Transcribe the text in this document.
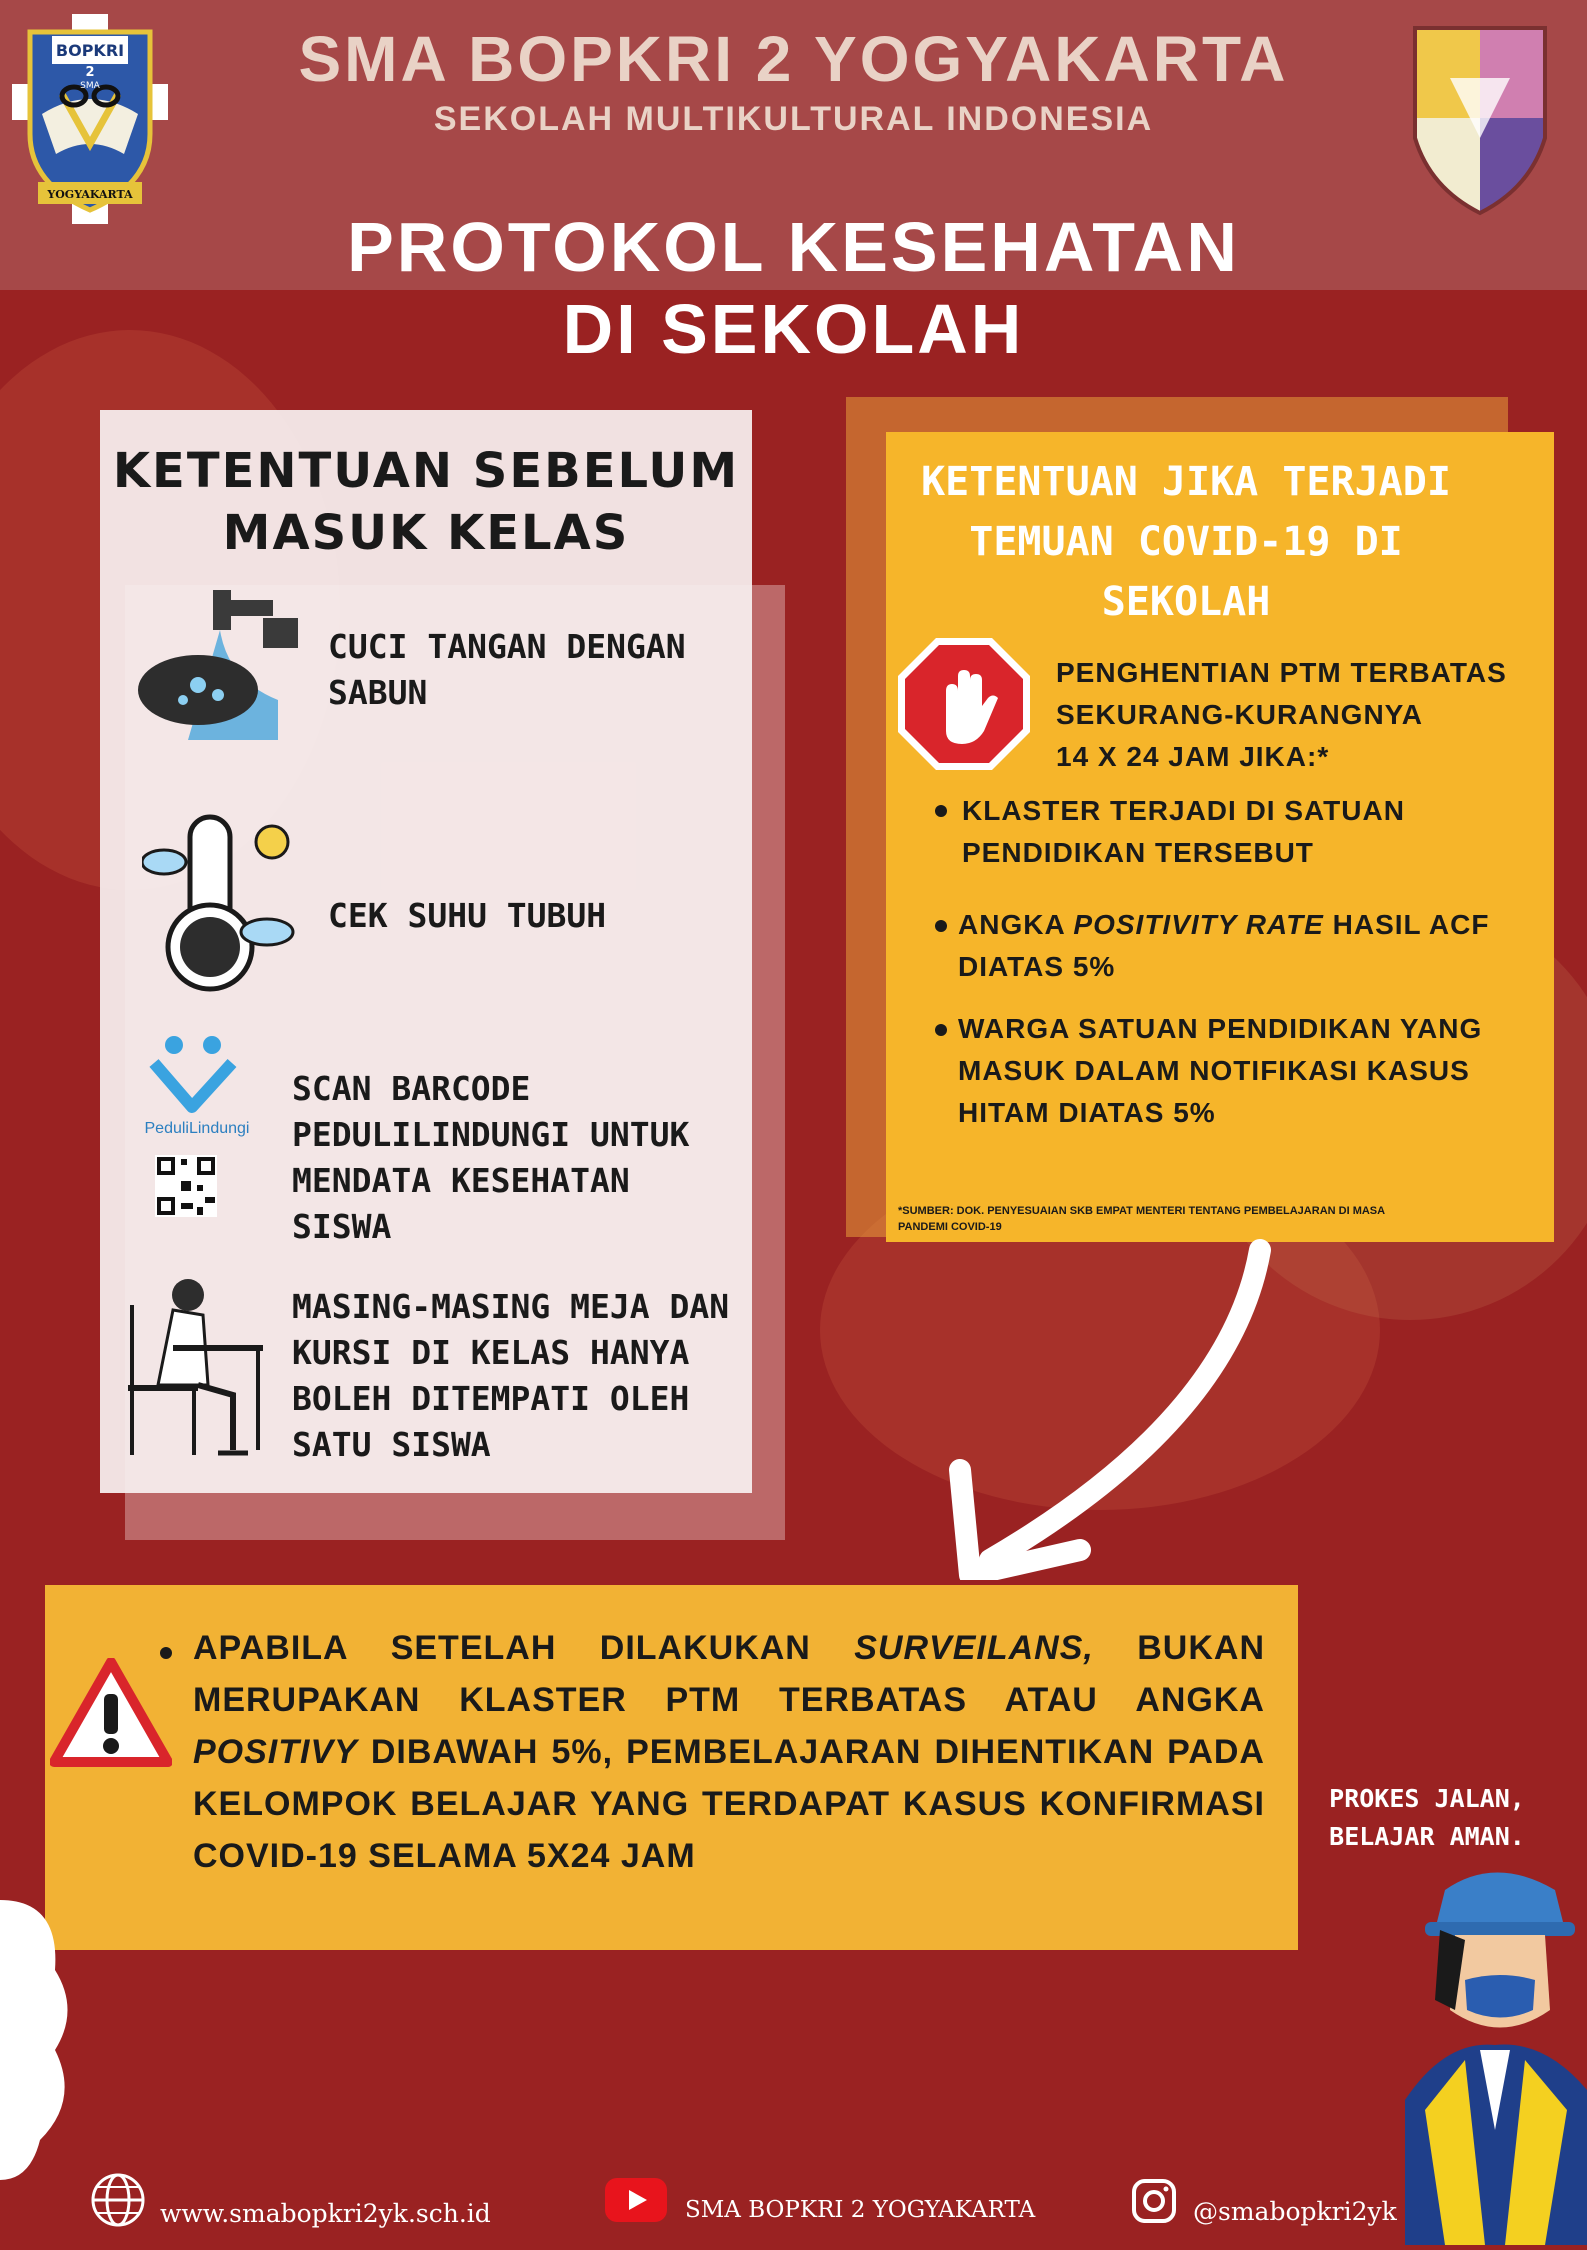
BOPKRI
2
SMA
YOGYAKARTA
SMA BOPKRI 2 YOGYAKARTA
SEKOLAH MULTIKULTURAL INDONESIA
PROTOKOL KESEHATAN
DI SEKOLAH
KETENTUAN SEBELUM
MASUK KELAS
CUCI TANGAN DENGAN
SABUN
CEK SUHU TUBUH
PeduliLindungi
SCAN BARCODE
PEDULILINDUNGI UNTUK
MENDATA KESEHATAN
SISWA
MASING-MASING MEJA DAN
KURSI DI KELAS HANYA
BOLEH DITEMPATI OLEH
SATU SISWA
KETENTUAN JIKA TERJADI
TEMUAN COVID-19 DI
SEKOLAH
PENGHENTIAN PTM TERBATAS
SEKURANG-KURANGNYA
14 X 24 JAM JIKA:*
KLASTER TERJADI DI SATUAN
PENDIDIKAN TERSEBUT
ANGKA POSITIVITY RATE HASIL ACF
DIATAS 5%
WARGA SATUAN PENDIDIKAN YANG
MASUK DALAM NOTIFIKASI KASUS
HITAM DIATAS 5%
*SUMBER: DOK. PENYESUAIAN SKB EMPAT MENTERI TENTANG PEMBELAJARAN DI MASA
PANDEMI COVID-19
APABILA SETELAH DILAKUKAN SURVEILANS, BUKAN MERUPAKAN KLASTER PTM TERBATAS ATAU ANGKA POSITIVY DIBAWAH 5%, PEMBELAJARAN DIHENTIKAN PADA KELOMPOK BELAJAR YANG TERDAPAT KASUS KONFIRMASI COVID-19 SELAMA 5X24 JAM
PROKES JALAN,
BELAJAR AMAN.
www.smabopkri2yk.sch.id	SMA BOPKRI 2 YOGYAKARTA	@smabopkri2yk
